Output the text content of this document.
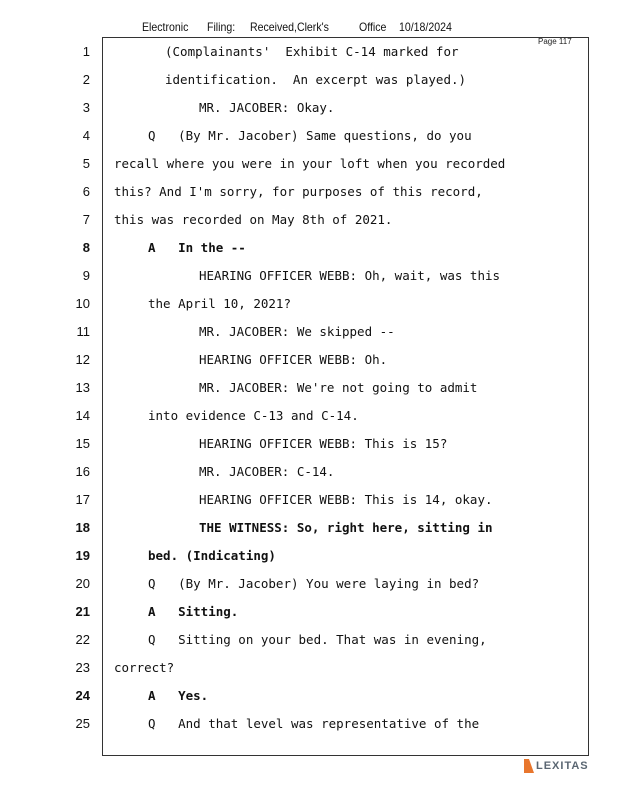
Electronic Filing: Received,Clerk's	Office 10/18/2024
Page 117
1	(Complainants'  Exhibit C-14 marked for
2	identification.  An excerpt was played.)
3	MR. JACOBER: Okay.
4	Q   (By Mr. Jacober) Same questions, do you
5 recall where you were in your loft when you recorded
6 this? And I'm sorry, for purposes of this record,
7 this was recorded on May 8th of 2021.
8	A   In the --
9	HEARING OFFICER WEBB: Oh, wait, was this
10	the April 10, 2021?
11	MR. JACOBER: We skipped --
12	HEARING OFFICER WEBB: Oh.
13	MR. JACOBER: We're not going to admit
14	into evidence C-13 and C-14.
15	HEARING OFFICER WEBB: This is 15?
16	MR. JACOBER: C-14.
17	HEARING OFFICER WEBB: This is 14, okay.
18	THE WITNESS: So, right here, sitting in
19	bed. (Indicating)
20	Q   (By Mr. Jacober) You were laying in bed?
21	A   Sitting.
22	Q   Sitting on your bed. That was in evening,
23 correct?
24	A   Yes.
25	Q   And that level was representative of the
LEXITAS
